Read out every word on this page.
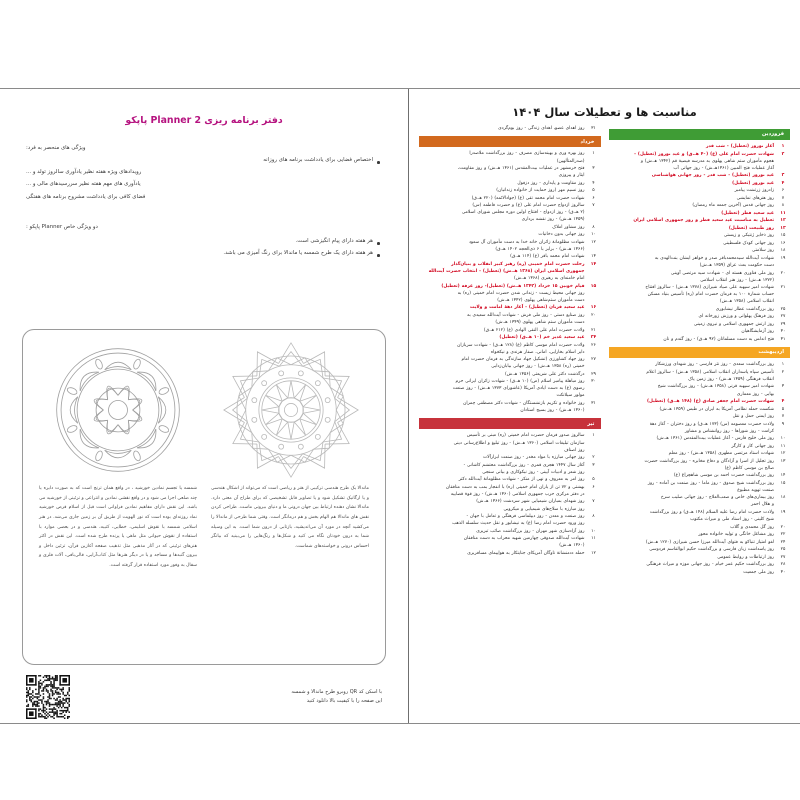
مناسبت ها و تعطیلات سال ۱۴۰۴
فروردین
۱
آغاز نوروز (تعطیل) - شب قدر
۲
شهادت حضرت امام علی (ع) (۴۰ هـ.ق) و عید نوروز (تعطیل) -
هجوم مأموران ستم شاهی پهلوی به مدرسه فیضیهٔ قم (۱۳۴۲ هـ.ش) و
آغاز عملیات فتح المبین (۱۳۶۱هـ.ش) - روز جهانی آب
۳
عید نوروز (تعطیل) - شب قدر - روز جهانی هواشناسی
۴
عید نوروز (تعطیل)
۶
زادروز زرتشت پیامبر
۷
روز هنرهای نمایشی
۸
روز جهانی قدس (آخرین جمعه ماه رمضان)
۱۱
عید سعید فطر (تعطیل)
۱۲
تعطیل به مناسبت عید سعید فطر و روز جمهوری اسلامی ایران
۱۳
روز طبیعت (تعطیل)
۱۵
روز ذخایر ژنتیکی و زیستی
۱۶
روز جهانی کودک فلسطینی
۱۸
روز سلامتی
۱۹
شهادت آیت‌الله سیدمحمدباقر صدر و خواهر ایشان بنت‌الهدی به
دست حکومت بعث عراق (۱۳۵۹ هـ.ش)
۲۰
روز ملی فناوری هسته ای - شهادت سید مرتضی آوینی
(۱۳۷۲ هـ.ش) - روز هنر انقلاب اسلامی
۲۱
شهادت امیر سپهبد علی صیاد شیرازی (۱۳۷۸ هـ.ش) - سالروز افتتاح
حساب شمارهٔ ۱۰۰ به فرمان حضرت امام (ره) تأسیس بنیاد مسکن
انقلاب اسلامی (۱۳۵۸ هـ.ش)
۲۵
روز بزرگداشت عطار نیشابوری
۲۷
روز فرهنگ پهلوانی و ورزش زورخانه ای
۲۹
روز ارتش جمهوری اسلامی و نیروی زمینی
۳۰
روز آزمایشگاهیان
۳۱
فتح اندلس به دست مسلمانان (۹۲ هـ.ق) - روز گندم و نان
اردیبهشت
۱
روز بزرگداشت سعدی - روز نثر فارسی - روز شهدای ورزشکار
۲
تأسیس سپاه پاسداران انقلاب اسلامی (۱۳۵۸ هـ.ش) - سالروز اعلام
انقلاب فرهنگی (۱۳۵۹ هـ.ش) - روز زمین پاک
۳
شهادت امیر سپهبد قرنی (۱۳۵۸ هـ.ش) - روز بزرگداشت شیخ
بهایی - روز معماری
۴
شهادت حضرت امام جعفر صادق (ع) (۱۴۸ هـ.ق) (تعطیل)
۵
شکست حمله نظامی آمریکا به ایران در طبس (۱۳۵۹ هـ.ش)
۷
روز ایمنی حمل و نقل
۹
ولادت حضرت معصومه (س) (۱۷۳ هـ.ق) و روز دختران - آغاز دههٔ
کرامت - روز شوراها - روز روانشناس و مشاور
۱۰
روز ملی خلیج فارس - آغاز عملیات بیت‌المقدس (۱۳۶۱ هـ.ش)
۱۱
روز جهانی کار و کارگر
۱۲
شهادت استاد مرتضی مطهری (۱۳۵۸ هـ.ش) - روز معلم
۱۳
روز تجلیل از اسرا و آزادگان و دفاع مخابره - روز بزرگداشت حضرت
صالح بن موسی کاظم (ع)
۱۴
روز بزرگداشت حضرت احمد بن موسی شاهچراغ (ع)
۱۵
روز بزرگداشت شیخ صدوق - روز ماما - روز صنعت بن آماده - روز
صنعت تهویه مطبوع
۱۸
روز بیماری‌های خاص و صعب‌العلاج - روز جهانی صلیب سرخ
و هلال احمر
۱۹
ولادت حضرت امام رضا علیه السلام (۱۴۸ هـ.ق) و روز بزرگداشت
شیخ کلینی - روز اسناد ملی و میراث مکتوب
۲۰
روز گل محمدی و گلاب
۲۲
روز مشاغل خانگی و تولید خانواده محور
۲۴
لغو امتیاز تنباکو به فتوای آیت‌الله میرزا حسن شیرازی (۱۲۷۰ هـ.ش)
۲۵
روز پاسداشت زبان فارسی و بزرگداشت حکیم ابوالقاسم فردوسی
۲۷
روز ارتباطات و روابط عمومی
۲۸
روز بزرگداشت حکیم عمر خیام - روز جهانی موزه و میراث فرهنگی
۳۰
روز ملی جمعیت
۳۱
روز اهدای عضو، اهدای زندگی - روز بوم‌گردی
خرداد
۱
روز بهره وری و بهینه‌سازی مصرف - روز بزرگداشت ملاصدرا
(صدرالمتألهین)
۳
فتح خرمشهر در عملیات بیت‌المقدس (۱۳۶۱ هـ.ش) و روز مقاومت،
ایثار و پیروزی
۴
روز مقاومت و پایداری - روز دزفول
۵
روز نسیم مهر (روز حمایت از خانواده زندانیان)
۶
شهادت حضرت امام محمد تقی (ع) (جوادالائمه) (۲۲۰ هـ.ق)
۷
سالروز ازدواج حضرت امام علی (ع) و حضرت فاطمه (س)
(۲ هـ.ق) - روز ازدواج - افتتاح اولین دوره مجلس شورای اسلامی
(۱۳۵۹ هـ.ش) - روز نقشه برداری
۸
روز مشاور املاک
۱۰
روز جهانی بدون دخانیات
۱۲
شهادت مظلومانهٔ زائران خانه خدا به دست مأموران آل سعود
(۱۳۶۶ هـ.ش) - برابر با ۶ ذی‌الحجه ۱۴۰۲ هـ.ق)
۱۳
شهادت امام محمد باقر (ع) (۱۱۴ هـ.ق)
۱۴
رحلت حضرت امام خمینی (ره) رهبر کبیر انقلاب و بنیان‌گذار
جمهوری اسلامی ایران (۱۳۶۸ هـ.ش) (تعطیل) - انتخاب حضرت آیت‌الله
امام خامنه‌ای به رهبری (۱۳۶۸ هـ.ش)
۱۵
قیام خونین ۱۵ خرداد (۱۳۴۲ هـ.ش) (تعطیل)- روز عرفه (تعطیل)
روز جهانی محیط زیست - زندانی شدن حضرت امام خمینی (ره) به
دست مأموران ستم‌شاهی پهلوی (۱۳۴۲ هـ.ش)
۱۶
عید سعید قربان (تعطیل) - آغاز دههٔ امامت و ولایت
۲۰
روز صنایع دستی - روز ملی فرش - شهادت آیت‌الله سعیدی به
دست مأموران ستم شاهی پهلوی (۱۳۴۹ هـ.ش)
۲۱
ولادت حضرت امام علی النقی الهادی (ع) (۲۱۲ هـ.ق)
۲۴
عید سعید غدیر خم (۱۰ هـ.ق) (تعطیل)
۲۶
ولادت حضرت امام موسی کاظم (ع) (۱۲۸ هـ.ق) - شهادت سربازان
دایر اسلام بخارایی، امانی، صفار هرندی و نیکخواه
۲۷
روز جهاد کشاورزی (تشکیل جهاد سازندگی به فرمان حضرت امام
خمینی (ره) ۱۳۵۸ هـ.ش) - روز جهانی بیابان‌زدایی
۲۹
درگذشت دکتر علی شریعتی (۱۳۵۶ هـ.ش)
۳۰
روز مباهلهٔ پیامبر اسلام (ص) (۱۰ هـ.ق) - شهادت زائران ایرانی حرم
رضوی (ع) به دست ایادی آمریکا (عاشورای ۱۳۷۳ هـ.ش) - روز صنعت
مولور سیلانکت
۳۱
روز خانواده و تکریم بازنشستگان - شهادت دکتر مصطفی چمران
(۱۳۶۰ هـ.ش) - روز بسیج استادان
تیر
۱
سالروز صدور فرمان حضرت امام خمینی (ره) مبنی بر تأسیس
سازمان تبلیغات اسلامی (۱۳۶۰ هـ.ش) - روز تبلیغ و اطلاع‌رسانی دینی
روز اصناف
۲
روز جهانی مبارزه با مواد مخدر - روز صنعت ابزارآلات
۳
آغاز سال ۱۴۴۷ هجری قمری - روز بزرگداشت محتشم کاشانی -
روز شعر و ادبیات آیینی - روز نیکوکاری و بیانی سنجی
۵
روز امر به معروف و نهی از منکر - شهادت مظلومانهٔ آیت‌الله دکتر
۶
بهشتی و ۷۲ تن از یاران امام خمینی (ره) با انفجار بمب به دست منافقان
در دفتر مرکزی حزب جمهوری اسلامی (۱۳۶۰ هـ.ش) - روز قوهٔ قضاییه
۷
روز شهدای بمباران شیمیایی شهر سردشت (۱۳۶۶ هـ.ش)
روز مبارزه با سلاح‌های شیمیایی و میکروبی
۸
روز صنعت و معدن - روز دیپلماسی فرهنگی و تعامل با جهان -
روز ورود حضرت امام رضا (ع) به نیشابور و نقل حدیث سلسله الذهب
۱۰
روز آزادسازی شهر مهران - روز بزرگداشت صائب تبریزی
۱۱
شهادت آیت‌الله صدوقی چهارمین شهید محراب به دست منافقان
(۱۳۶۰ هـ.ش)
۱۲
حمله ددمنشانهٔ ناوگان آمریکای جنایتکار به هواپیمای مسافربری
دفتر برنامه ریزی Planner 2 پاپکو
ویژگی های منحصر به فرد:
اختصاص فضایی برای یادداشت برنامه های روزانه
رویدادهای ویژه هفته نظیر یادآوری سالروز تولد و ...
یادآوری های مهم هفته نظیر سررسیدهای مالی و ...
فضای کافی برای یادداشت مشروح برنامه های هفتگی
دو ویژگی خاص Planner پاپکو :
هر هفته دارای پیام انگیزشی است.
هر هفته دارای یک طرح شمسه یا ماندالا برای رنگ آمیزی می باشد.
ماندالا یک طرح هندسی ترکیبی از هنر و ریاضی است که می‌تواند از اشکال هندسی و یا ارگانیک تشکیل شود و یا تصاویر قابل تشخیصی که برای طراح آن معنی دارد. ماندالا نشان دهنده ارتباط بین جهان درونی ما و دنیای بیرونی ماست. طراحی کردن نقش های ماندالا هم الهام بخش و هم درمانگر است. وقتی شما طرحی از ماندالا را می‌کشید آنچه در مورد آن می‌اندیشید، بازتابی از درون شما است. به این وسیله شما به درون خودتان نگاه می کنید و شکل‌ها و رنگ‌هایی را می‌بینید که بیانگر احساس درونی و خواسته‌های شماست.
شمسه یا تجسم نمادین خورشید ، در واقع همان ترنج است که به صورت دایره یا چند ضلعی اجرا می شود و در واقع نقشی نمادین و انتزاعی و تزئینی از خورشید می باشد. این نقش دارای مفاهیم نمادین فراوانی است قبل از اسلام قرص خورشید نماد روزنه‌ای بوده است که نور الهویت از طریق آن بر زمین جاری می‌شد. در هنر اسلامی شمسه با نقوش اسلیمی، خطایی، کتیبه، هندسی و در بعضی موارد با استفاده از نقوش حیوانی مثل ماهی یا پرنده طرح شده است. این نقش در اکثر هنرهای تزئینی که در آثار مذهبی مثل تذهیب صفحه آغازین قرآن، تزئین داخل و بیرون گنبدها و مساجد و یا در دیگر هنرها مثل کتاب‌آرایی، قالی‌بافی، آلات فلزی و سفال به وفور مورد استفاده قرار گرفته است.
با اسکن کد QR روبرو طرح ماندالا و شمسه
این صفحه را با کیفیت بالا دانلود کنید
